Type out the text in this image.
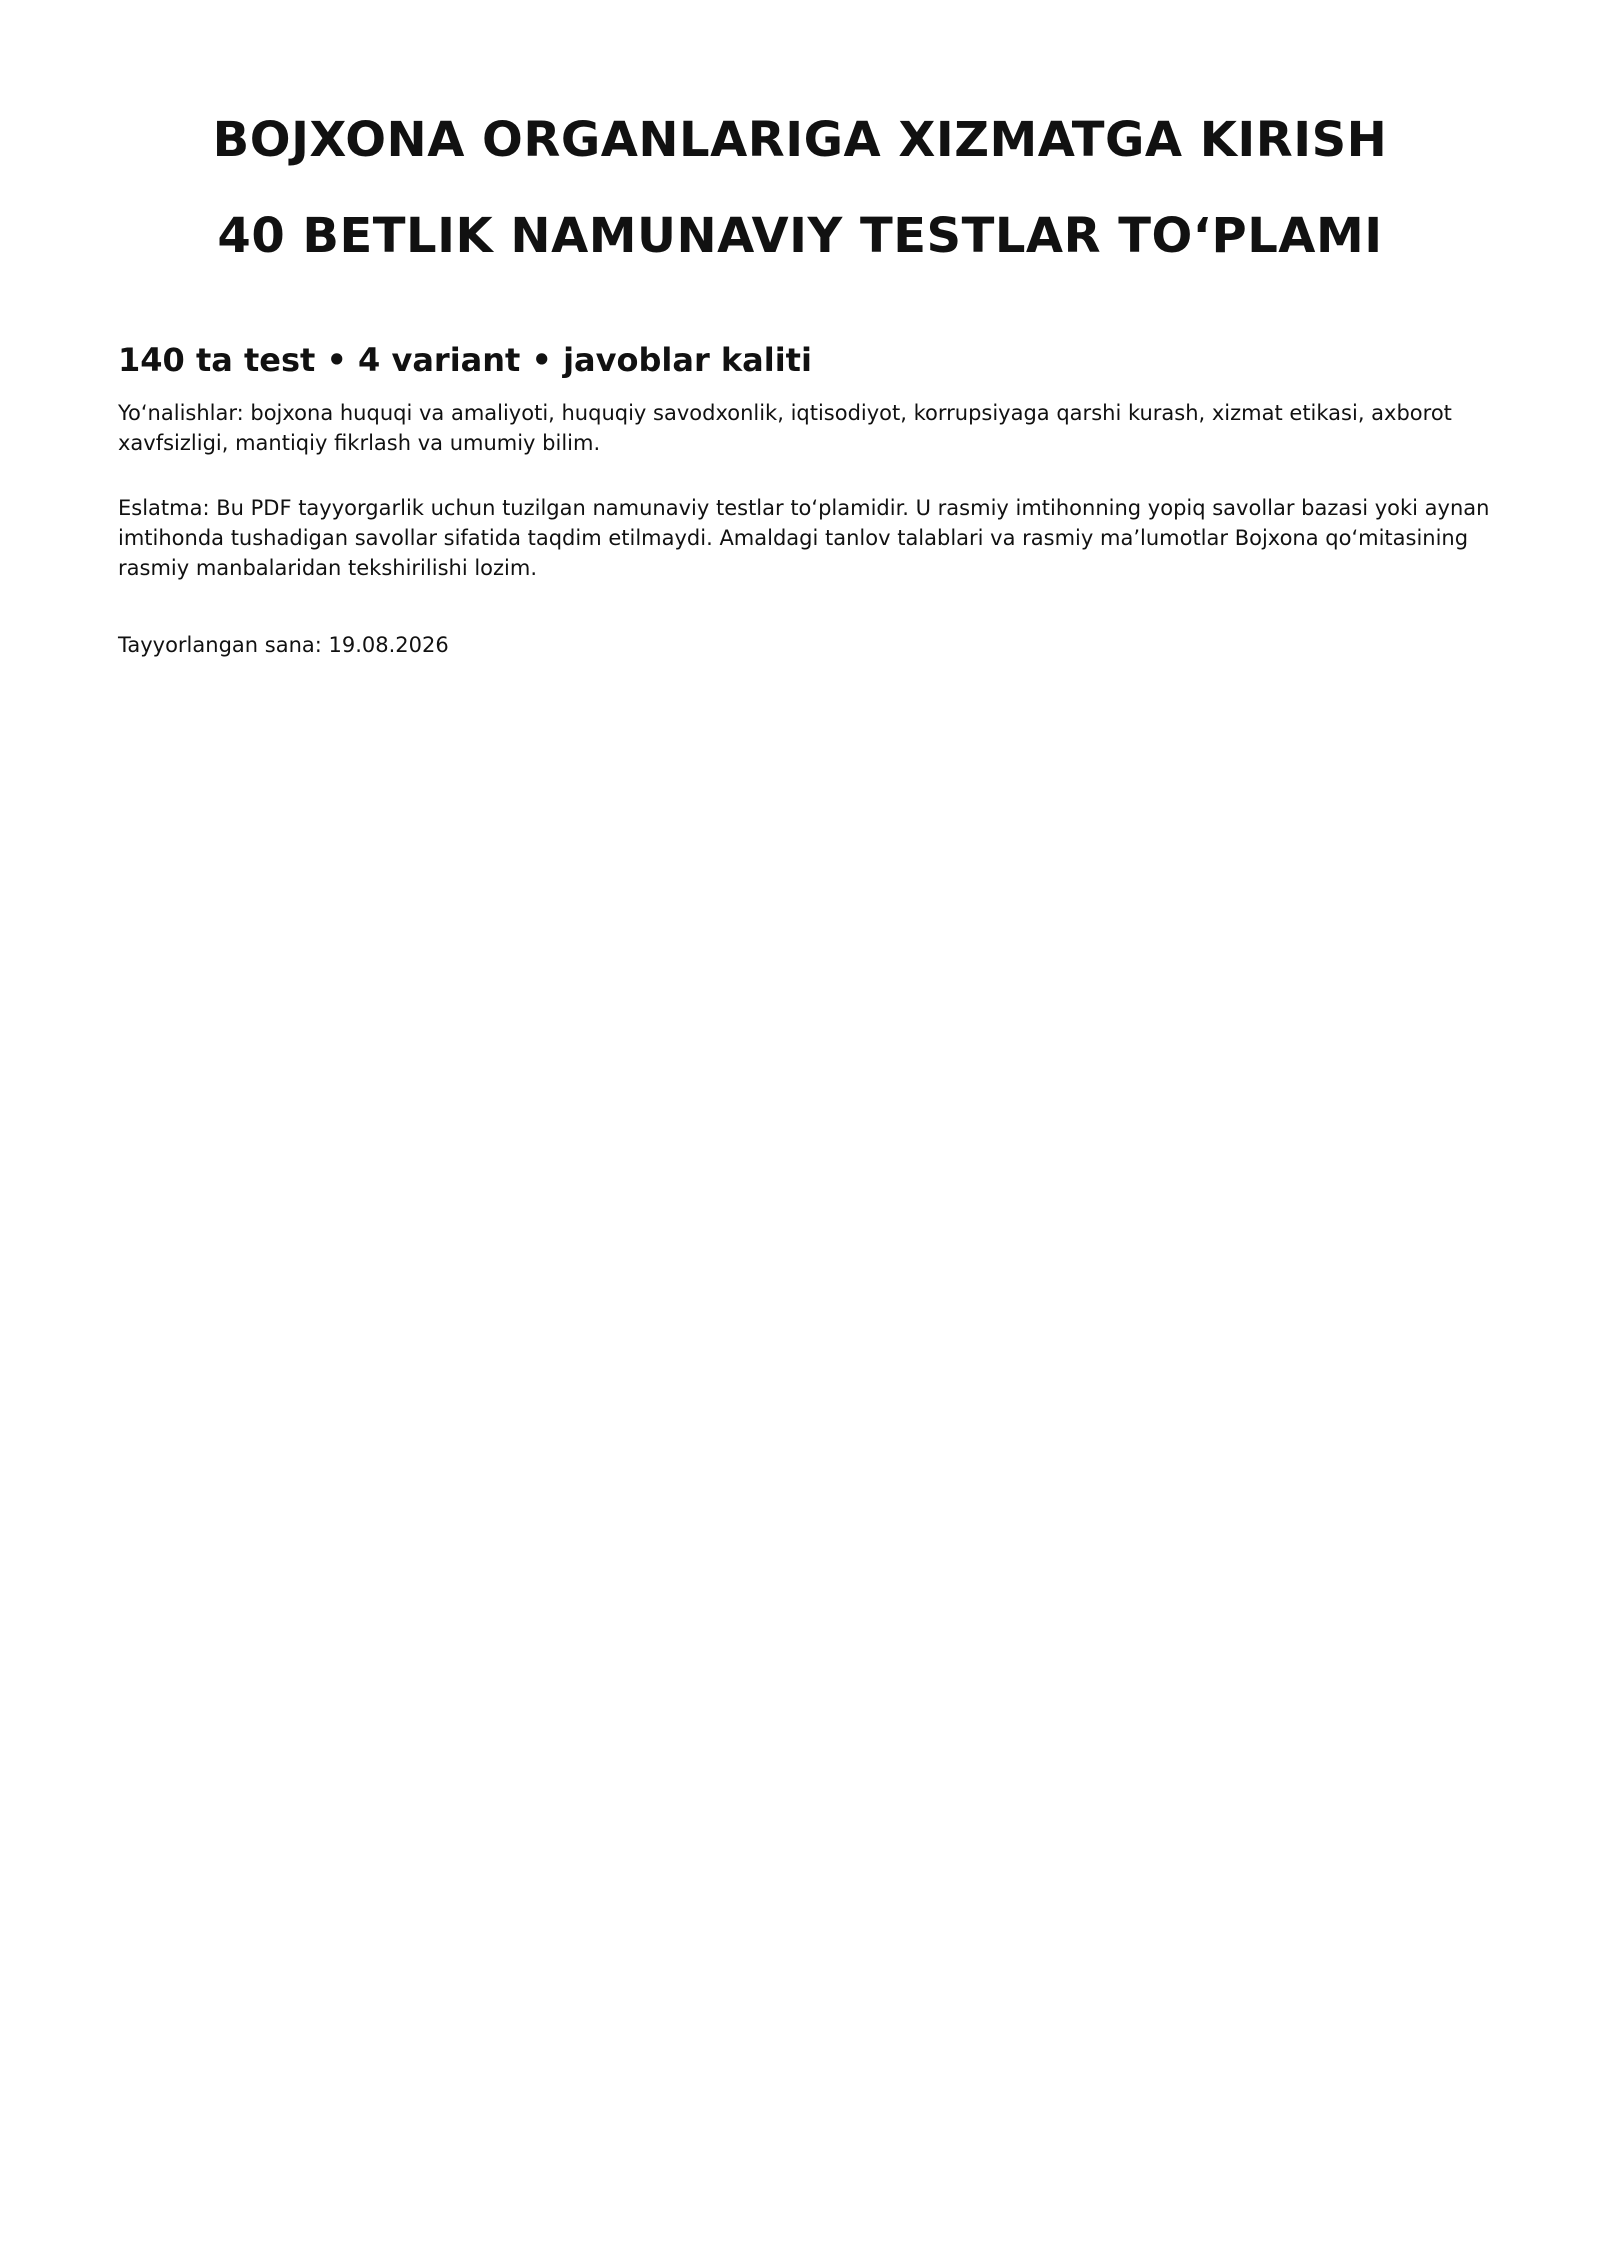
BOJXONA ORGANLARIGA XIZMATGA KIRISH
40 BETLIK NAMUNAVIY TESTLAR TO‘PLAMI
140 ta test • 4 variant • javoblar kaliti

Yo‘nalishlar: bojxona huquqi va amaliyoti, huquqiy savodxonlik, iqtisodiyot, korrupsiyaga qarshi kurash, xizmat etikasi, axborot xavfsizligi, mantiqiy fikrlash va umumiy bilim.

Eslatma: Bu PDF tayyorgarlik uchun tuzilgan namunaviy testlar to‘plamidir. U rasmiy imtihonning yopiq savollar bazasi yoki aynan imtihonda tushadigan savollar sifatida taqdim etilmaydi. Amaldagi tanlov talablari va rasmiy ma’lumotlar Bojxona qo‘mitasining rasmiy manbalaridan tekshirilishi lozim.

Tayyorlangan sana: 19.08.2026
